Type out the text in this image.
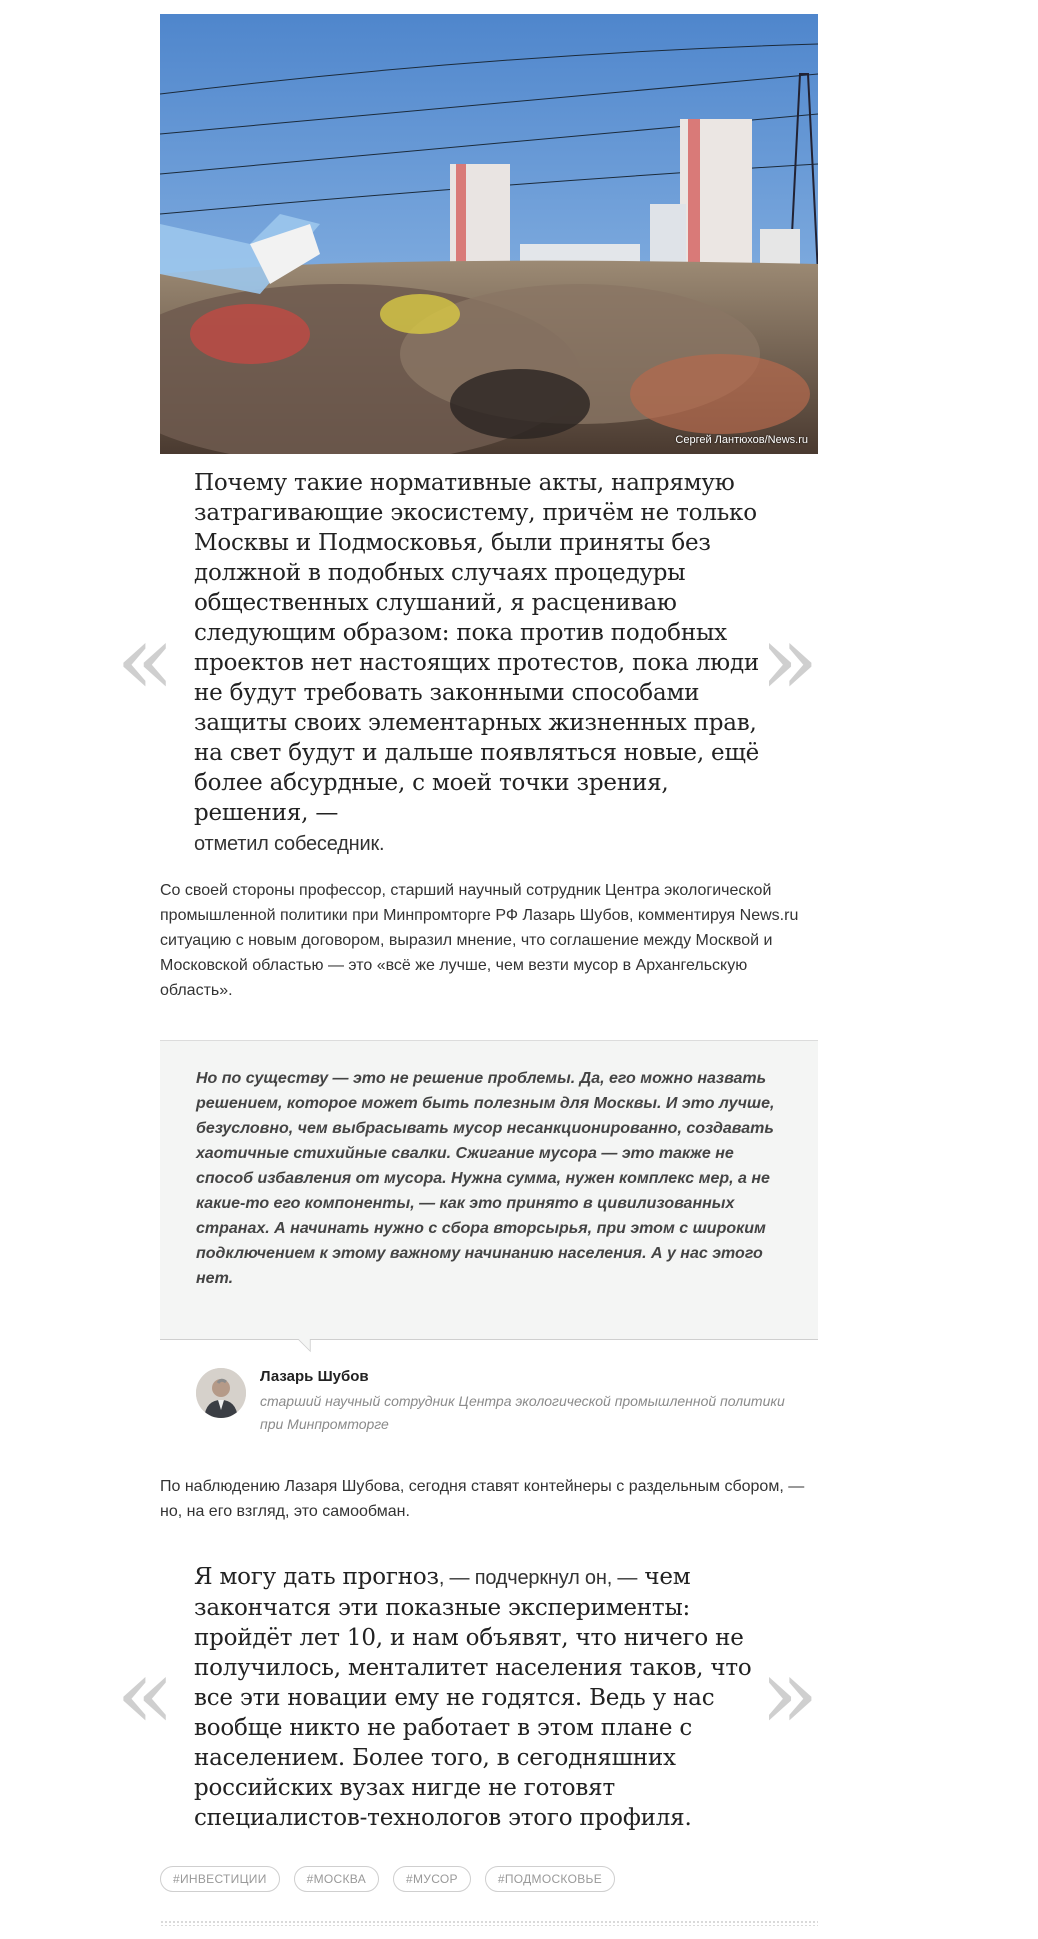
Сергей Лантюхов/News.ru
«	»

Почему такие нормативные акты, напрямую затрагивающие экосистему, причём не только Москвы и Подмосковья, были приняты без должной в подобных случаях процедуры общественных слушаний, я расцениваю следующим образом: пока против подобных проектов нет настоящих протестов, пока люди не будут требовать законными способами защиты своих элементарных жизненных прав, на свет будут и дальше появляться новые, ещё более абсурдные, с моей точки зрения, решения, —
отметил собеседник.

Со своей стороны профессор, старший научный сотрудник Центра экологической промышленной политики при Минпромторге РФ Лазарь Шубов, комментируя News.ru ситуацию с новым договором, выразил мнение, что соглашение между Москвой и Московской областью — это «всё же лучше, чем везти мусор в Архангельскую область».

Но по существу — это не решение проблемы. Да, его можно назвать решением, которое может быть полезным для Москвы. И это лучше, безусловно, чем выбрасывать мусор несанкционированно, создавать хаотичные стихийные свалки. Сжигание мусора — это также не способ избавления от мусора. Нужна сумма, нужен комплекс мер, а не какие-то его компоненты, — как это принято в цивилизованных странах. А начинать нужно с сбора вторсырья, при этом с широким подключением к этому важному начинанию населения. А у нас этого нет.

Лазарь Шубов

старший научный сотрудник Центра экологической промышленной политики при Минпромторге

По наблюдению Лазаря Шубова, сегодня ставят контейнеры с раздельным сбором, — но, на его взгляд, это самообман.

«	»

Я могу дать прогноз, — подчеркнул он, — чем закончатся эти показные эксперименты: пройдёт лет 10, и нам объявят, что ничего не получилось, менталитет населения таков, что все эти новации ему не годятся. Ведь у нас вообще никто не работает в этом плане с населением. Более того, в сегодняшних российских вузах нигде не готовят специалистов-технологов этого профиля.

#ИНВЕСТИЦИИ	#МОСКВА	#МУСОР	#ПОДМОСКОВЬЕ
